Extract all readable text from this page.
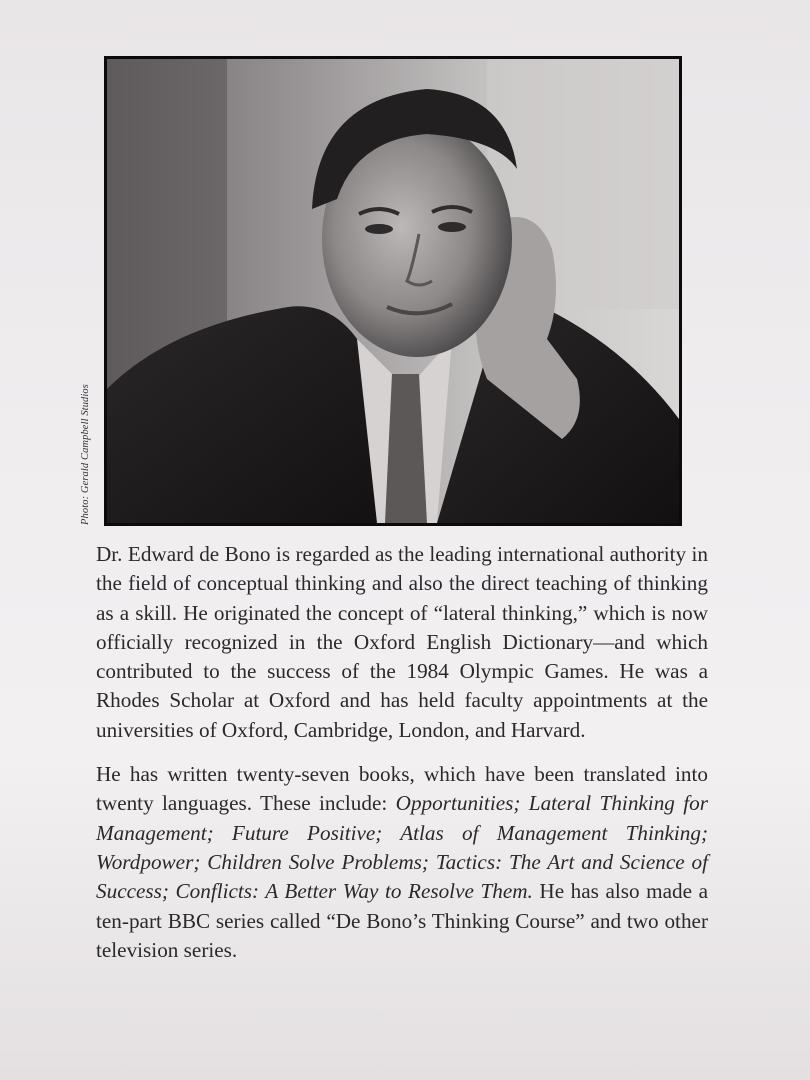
Photo: Gerald Campbell Studios

Dr. Edward de Bono is regarded as the leading international authority in the field of conceptual thinking and also the direct teaching of thinking as a skill. He originated the concept of “lateral thinking,” which is now officially recognized in the Oxford English Dictionary—and which contributed to the success of the 1984 Olympic Games. He was a Rhodes Scholar at Oxford and has held faculty appointments at the universities of Oxford, Cambridge, London, and Harvard.

He has written twenty-seven books, which have been translated into twenty languages. These include: Opportunities; Lateral Thinking for Management; Future Positive; Atlas of Management Thinking; Wordpower; Children Solve Problems; Tactics: The Art and Science of Success; Conflicts: A Better Way to Resolve Them. He has also made a ten-part BBC series called “De Bono’s Thinking Course” and two other television series.
